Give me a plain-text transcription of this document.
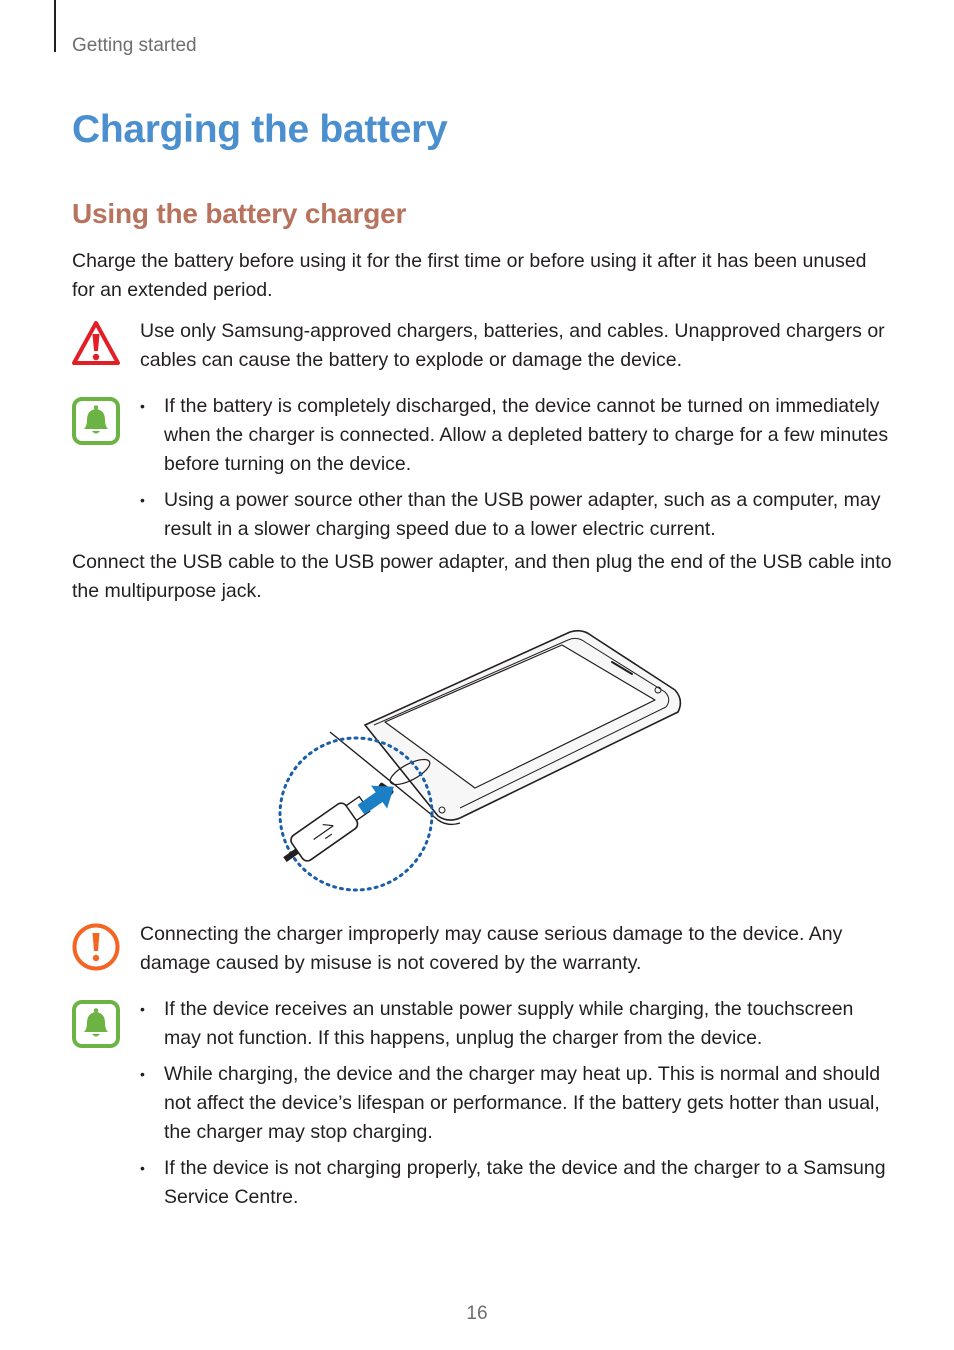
Getting started
Charging the battery
Using the battery charger

Charge the battery before using it for the first time or before using it after it has been unused for an extended period.

Use only Samsung-approved chargers, batteries, and cables. Unapproved chargers or cables can cause the battery to explode or damage the device.

• If the battery is completely discharged, the device cannot be turned on immediately when the charger is connected. Allow a depleted battery to charge for a few minutes before turning on the device.
• Using a power source other than the USB power adapter, such as a computer, may result in a slower charging speed due to a lower electric current.

Connect the USB cable to the USB power adapter, and then plug the end of the USB cable into the multipurpose jack.

Connecting the charger improperly may cause serious damage to the device. Any damage caused by misuse is not covered by the warranty.

• If the device receives an unstable power supply while charging, the touchscreen may not function. If this happens, unplug the charger from the device.
• While charging, the device and the charger may heat up. This is normal and should not affect the device’s lifespan or performance. If the battery gets hotter than usual, the charger may stop charging.
• If the device is not charging properly, take the device and the charger to a Samsung Service Centre.
16
